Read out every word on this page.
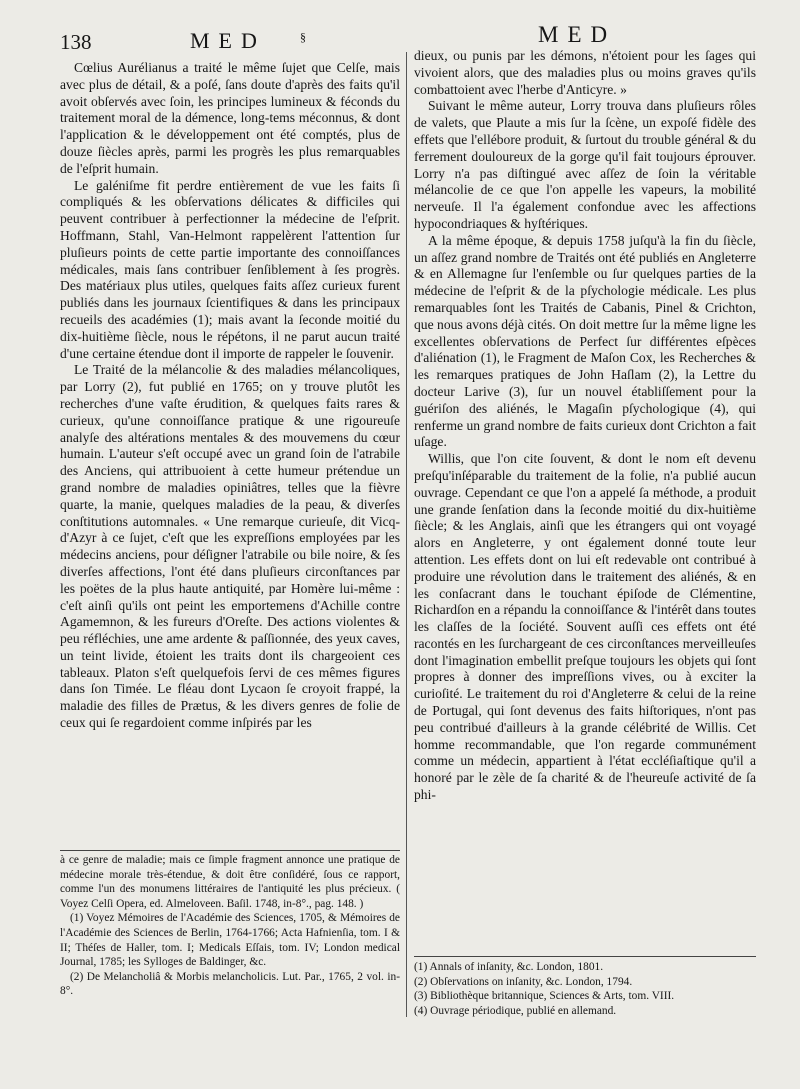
138	MED	§	MED

Cœlius Aurélianus a traité le même ſujet que Celſe, mais avec plus de détail, & a poſé, ſans doute d'après des faits qu'il avoit obſervés avec ſoin, les principes lumineux & féconds du traitement moral de la démence, long-tems méconnus, & dont l'application & le développement ont été comptés, plus de douze ſiècles après, parmi les progrès les plus remarquables de l'eſprit humain.

Le galéniſme fit perdre entièrement de vue les faits ſi compliqués & les obſervations délicates & difficiles qui peuvent contribuer à perfectionner la médecine de l'eſprit. Hoffmann, Stahl, Van-Helmont rappelèrent l'attention ſur pluſieurs points de cette partie importante des connoiſſances médicales, mais ſans contribuer ſenſiblement à ſes progrès. Des matériaux plus utiles, quelques faits aſſez curieux furent publiés dans les journaux ſcientifiques & dans les principaux recueils des académies (1); mais avant la ſeconde moitié du dix-huitième ſiècle, nous le répétons, il ne parut aucun traité d'une certaine étendue dont il importe de rappeler le ſouvenir.

Le Traité de la mélancolie & des maladies mélancoliques, par Lorry (2), fut publié en 1765; on y trouve plutôt les recherches d'une vaſte érudition, & quelques faits rares & curieux, qu'une connoiſſance pratique & une rigoureuſe analyſe des altérations mentales & des mouvemens du cœur humain. L'auteur s'eſt occupé avec un grand ſoin de l'atrabile des Anciens, qui attribuoient à cette humeur prétendue un grand nombre de maladies opiniâtres, telles que la fièvre quarte, la manie, quelques maladies de la peau, & diverſes conſtitutions automnales. « Une remarque curieuſe, dit Vicq-d'Azyr à ce ſujet, c'eſt que les expreſſions employées par les médecins anciens, pour déſigner l'atrabile ou bile noire, & ſes diverſes affections, l'ont été dans pluſieurs circonſtances par les poëtes de la plus haute antiquité, par Homère lui-même : c'eſt ainſi qu'ils ont peint les emportemens d'Achille contre Agamemnon, & les fureurs d'Oreſte. Des actions violentes & peu réfléchies, une ame ardente & paſſionnée, des yeux caves, un teint livide, étoient les traits dont ils chargeoient ces tableaux. Platon s'eſt quelquefois ſervi de ces mêmes figures dans ſon Timée. Le fléau dont Lycaon ſe croyoit frappé, la maladie des filles de Prætus, & les divers genres de folie de ceux qui ſe regardoient comme inſpirés par les

dieux, ou punis par les démons, n'étoient pour les ſages qui vivoient alors, que des maladies plus ou moins graves qu'ils combattoient avec l'herbe d'Anticyre. »

Suivant le même auteur, Lorry trouva dans pluſieurs rôles de valets, que Plaute a mis ſur la ſcène, un expoſé fidèle des effets que l'ellébore produit, & ſurtout du trouble général & du ferrement douloureux de la gorge qu'il fait toujours éprouver. Lorry n'a pas diſtingué avec aſſez de ſoin la véritable mélancolie de ce que l'on appelle les vapeurs, la mobilité nerveuſe. Il l'a également confondue avec les affections hypocondriaques & hyſtériques.

A la même époque, & depuis 1758 juſqu'à la fin du ſiècle, un aſſez grand nombre de Traités ont été publiés en Angleterre & en Allemagne ſur l'enſemble ou ſur quelques parties de la médecine de l'eſprit & de la pſychologie médicale. Les plus remarquables ſont les Traités de Cabanis, Pinel & Crichton, que nous avons déjà cités. On doit mettre ſur la même ligne les excellentes obſervations de Perfect ſur différentes eſpèces d'aliénation (1), le Fragment de Maſon Cox, les Recherches & les remarques pratiques de John Haſlam (2), la Lettre du docteur Larive (3), ſur un nouvel établiſſement pour la guériſon des aliénés, le Magaſin pſychologique (4), qui renferme un grand nombre de faits curieux dont Crichton a fait uſage.

Willis, que l'on cite ſouvent, & dont le nom eſt devenu preſqu'inſéparable du traitement de la folie, n'a publié aucun ouvrage. Cependant ce que l'on a appelé ſa méthode, a produit une grande ſenſation dans la ſeconde moitié du dix-huitième ſiècle; & les Anglais, ainſi que les étrangers qui ont voyagé alors en Angleterre, y ont également donné toute leur attention. Les effets dont on lui eſt redevable ont contribué à produire une révolution dans le traitement des aliénés, & en les conſacrant dans le touchant épiſode de Clémentine, Richardſon en a répandu la connoiſſance & l'intérêt dans toutes les claſſes de la ſociété. Souvent auſſi ces effets ont été racontés en les ſurchargeant de ces circonſtances merveilleuſes dont l'imagination embellit preſque toujours les objets qui ſont propres à donner des impreſſions vives, ou à exciter la curioſité. Le traitement du roi d'Angleterre & celui de la reine de Portugal, qui ſont devenus des faits hiſtoriques, n'ont pas peu contribué d'ailleurs à la grande célébrité de Willis. Cet homme recommandable, que l'on regarde communément comme un médecin, appartient à l'état eccléſiaſtique qu'il a honoré par le zèle de ſa charité & de l'heureuſe activité de ſa phi-

à ce genre de maladie; mais ce ſimple fragment annonce une pratique de médecine morale très-étendue, & doit être conſidéré, ſous ce rapport, comme l'un des monumens littéraires de l'antiquité les plus précieux. ( Voyez Celſi Opera, ed. Almeloveen. Baſil. 1748, in-8°., pag. 148. )

(1) Voyez Mémoires de l'Académie des Sciences, 1705, & Mémoires de l'Académie des Sciences de Berlin, 1764-1766; Acta Hafnienſia, tom. I & II; Théſes de Haller, tom. I; Medicals Eſſais, tom. IV; London medical Journal, 1785; les Sylloges de Baldinger, &c.

(2) De Melancholiâ & Morbis melancholicis. Lut. Par., 1765, 2 vol. in-8°.

(1) Annals of inſanity, &c. London, 1801.

(2) Obſervations on inſanity, &c. London, 1794.

(3) Bibliothèque britannique, Sciences & Arts, tom. VIII.

(4) Ouvrage périodique, publié en allemand.
